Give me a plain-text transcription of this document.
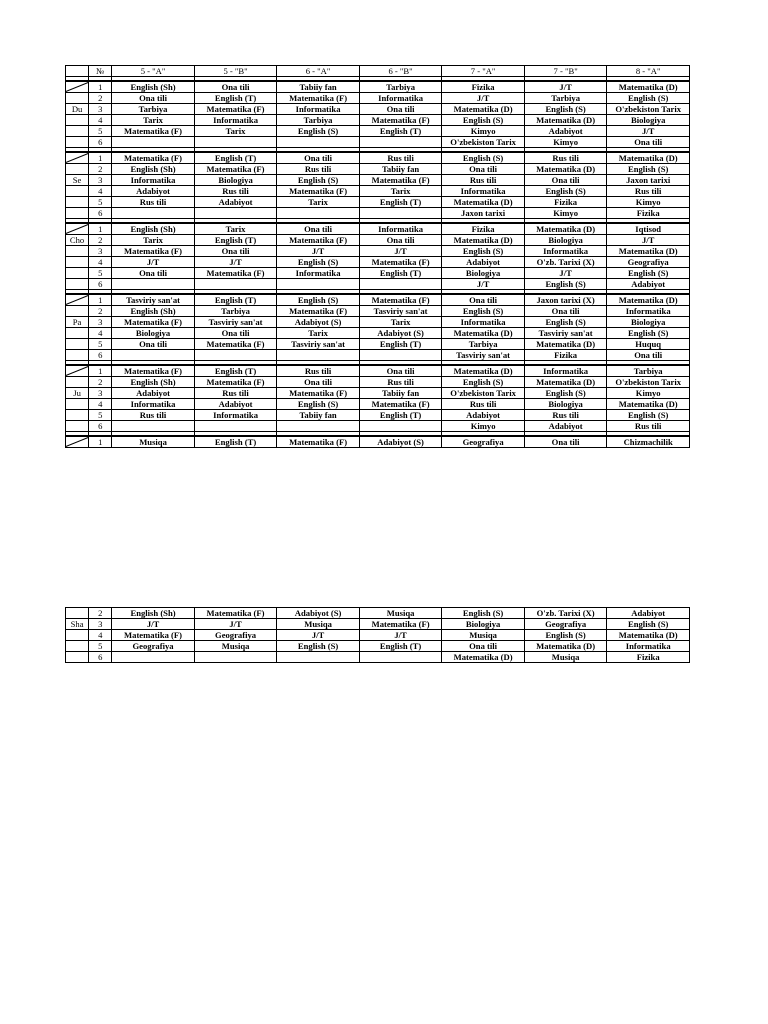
	№	5 - "A"	5 - "B"	6 - "A"	6 - "B"	7 - "A"	7 - "B"	8 - "A"

	1	English (Sh)	Ona tili	Tabiiy fan	Tarbiya	Fizika	J/T	Matematika (D)
	2	Ona tili	English (T)	Matematika (F)	Informatika	J/T	Tarbiya	English (S)
Du	3	Tarbiya	Matematika (F)	Informatika	Ona tili	Matematika (D)	English (S)	O'zbekiston Tarix
	4	Tarix	Informatika	Tarbiya	Matematika (F)	English (S)	Matematika (D)	Biologiya
	5	Matematika (F)	Tarix	English (S)	English (T)	Kimyo	Adabiyot	J/T
	6					O'zbekiston Tarix	Kimyo	Ona tili

	1	Matematika (F)	English (T)	Ona tili	Rus tili	English (S)	Rus tili	Matematika (D)
	2	English (Sh)	Matematika (F)	Rus tili	Tabiiy fan	Ona tili	Matematika (D)	English (S)
Se	3	Informatika	Biologiya	English (S)	Matematika (F)	Rus tili	Ona tili	Jaxon tarixi
	4	Adabiyot	Rus tili	Matematika (F)	Tarix	Informatika	English (S)	Rus tili
	5	Rus tili	Adabiyot	Tarix	English (T)	Matematika (D)	Fizika	Kimyo
	6					Jaxon tarixi	Kimyo	Fizika

	1	English (Sh)	Tarix	Ona tili	Informatika	Fizika	Matematika (D)	Iqtisod
Cho	2	Tarix	English (T)	Matematika (F)	Ona tili	Matematika (D)	Biologiya	J/T
	3	Matematika (F)	Ona tili	J/T	J/T	English (S)	Informatika	Matematika (D)
	4	J/T	J/T	English (S)	Matematika (F)	Adabiyot	O'zb. Tarixi (X)	Geografiya
	5	Ona tili	Matematika (F)	Informatika	English (T)	Biologiya	J/T	English (S)
	6					J/T	English (S)	Adabiyot

	1	Tasviriy san'at	English (T)	English (S)	Matematika (F)	Ona tili	Jaxon tarixi (X)	Matematika (D)
	2	English (Sh)	Tarbiya	Matematika (F)	Tasviriy san'at	English (S)	Ona tili	Informatika
Pa	3	Matematika (F)	Tasviriy san'at	Adabiyot (S)	Tarix	Informatika	English (S)	Biologiya
	4	Biologiya	Ona tili	Tarix	Adabiyot (S)	Matematika (D)	Tasviriy san'at	English (S)
	5	Ona tili	Matematika (F)	Tasviriy san'at	English (T)	Tarbiya	Matematika (D)	Huquq
	6					Tasviriy san'at	Fizika	Ona tili

	1	Matematika (F)	English (T)	Rus tili	Ona tili	Matematika (D)	Informatika	Tarbiya
	2	English (Sh)	Matematika (F)	Ona tili	Rus tili	English (S)	Matematika (D)	O'zbekiston Tarix
Ju	3	Adabiyot	Rus tili	Matematika (F)	Tabiiy fan	O'zbekiston Tarix	English (S)	Kimyo
	4	Informatika	Adabiyot	English (S)	Matematika (F)	Rus tili	Biologiya	Matematika (D)
	5	Rus tili	Informatika	Tabiiy fan	English (T)	Adabiyot	Rus tili	English (S)
	6					Kimyo	Adabiyot	Rus tili

	1	Musiqa	English (T)	Matematika (F)	Adabiyot (S)	Geografiya	Ona tili	Chizmachilik
	2	English (Sh)	Matematika (F)	Adabiyot (S)	Musiqa	English (S)	O'zb. Tarixi (X)	Adabiyot
Sha	3	J/T	J/T	Musiqa	Matematika (F)	Biologiya	Geografiya	English (S)
	4	Matematika (F)	Geografiya	J/T	J/T	Musiqa	English (S)	Matematika (D)
	5	Geografiya	Musiqa	English (S)	English (T)	Ona tili	Matematika (D)	Informatika
	6					Matematika (D)	Musiqa	Fizika
